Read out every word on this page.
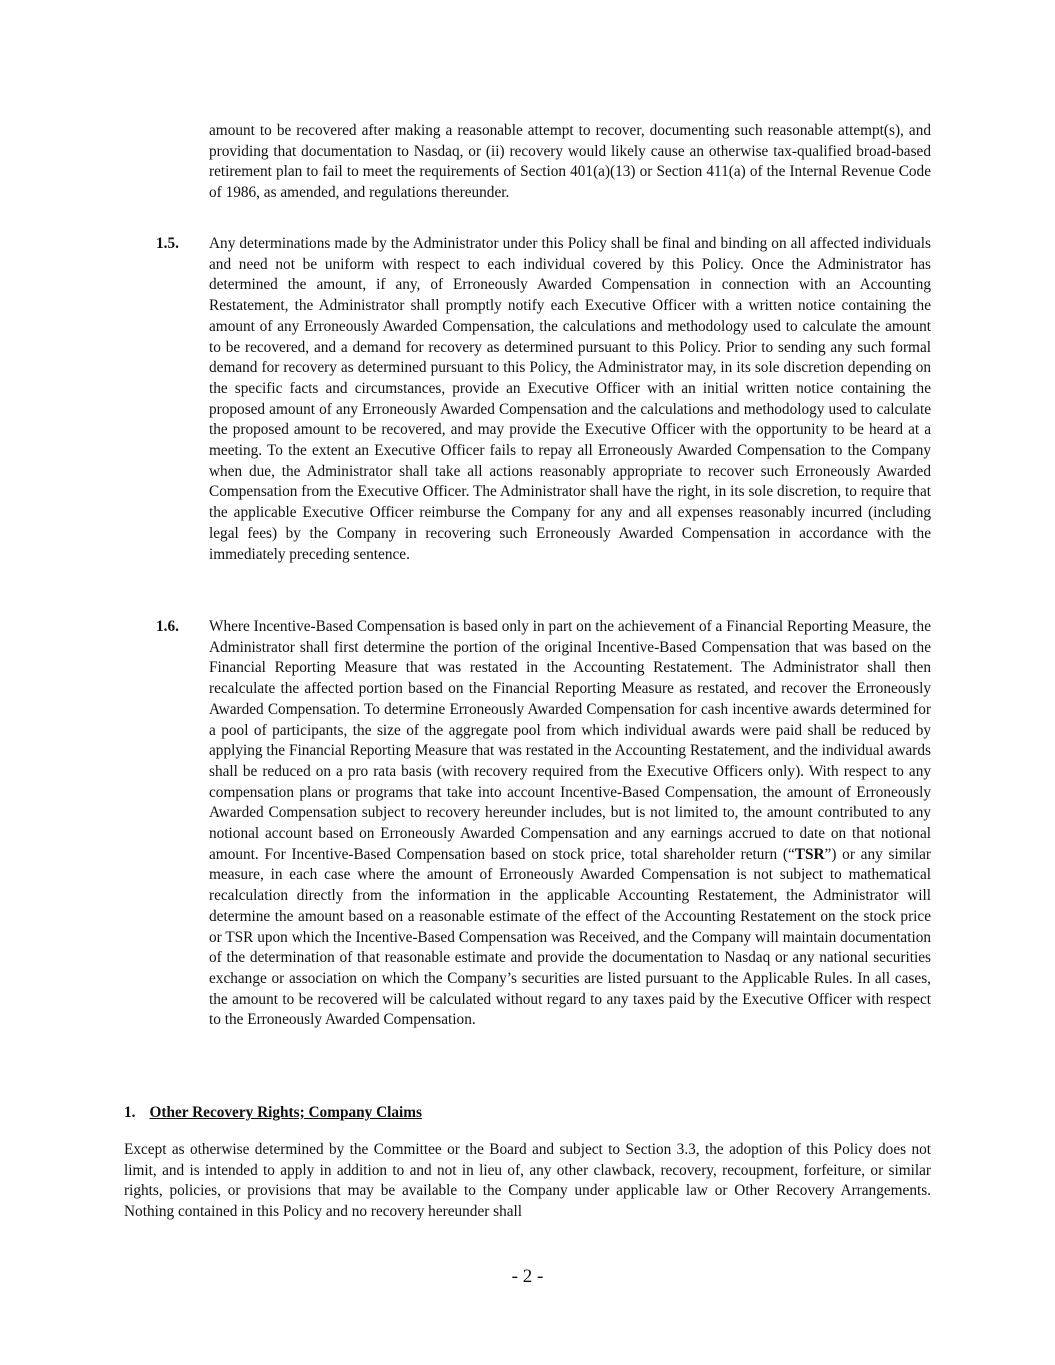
amount to be recovered after making a reasonable attempt to recover, documenting such reasonable attempt(s), and providing that documentation to Nasdaq, or (ii) recovery would likely cause an otherwise tax-qualified broad-based retirement plan to fail to meet the requirements of Section 401(a)(13) or Section 411(a) of the Internal Revenue Code of 1986, as amended, and regulations thereunder.

1.5. Any determinations made by the Administrator under this Policy shall be final and binding on all affected individuals and need not be uniform with respect to each individual covered by this Policy. Once the Administrator has determined the amount, if any, of Erroneously Awarded Compensation in connection with an Accounting Restatement, the Administrator shall promptly notify each Executive Officer with a written notice containing the amount of any Erroneously Awarded Compensation, the calculations and methodology used to calculate the amount to be recovered, and a demand for recovery as determined pursuant to this Policy. Prior to sending any such formal demand for recovery as determined pursuant to this Policy, the Administrator may, in its sole discretion depending on the specific facts and circumstances, provide an Executive Officer with an initial written notice containing the proposed amount of any Erroneously Awarded Compensation and the calculations and methodology used to calculate the proposed amount to be recovered, and may provide the Executive Officer with the opportunity to be heard at a meeting. To the extent an Executive Officer fails to repay all Erroneously Awarded Compensation to the Company when due, the Administrator shall take all actions reasonably appropriate to recover such Erroneously Awarded Compensation from the Executive Officer. The Administrator shall have the right, in its sole discretion, to require that the applicable Executive Officer reimburse the Company for any and all expenses reasonably incurred (including legal fees) by the Company in recovering such Erroneously Awarded Compensation in accordance with the immediately preceding sentence.

1.6. Where Incentive-Based Compensation is based only in part on the achievement of a Financial Reporting Measure, the Administrator shall first determine the portion of the original Incentive-Based Compensation that was based on the Financial Reporting Measure that was restated in the Accounting Restatement. The Administrator shall then recalculate the affected portion based on the Financial Reporting Measure as restated, and recover the Erroneously Awarded Compensation. To determine Erroneously Awarded Compensation for cash incentive awards determined for a pool of participants, the size of the aggregate pool from which individual awards were paid shall be reduced by applying the Financial Reporting Measure that was restated in the Accounting Restatement, and the individual awards shall be reduced on a pro rata basis (with recovery required from the Executive Officers only). With respect to any compensation plans or programs that take into account Incentive-Based Compensation, the amount of Erroneously Awarded Compensation subject to recovery hereunder includes, but is not limited to, the amount contributed to any notional account based on Erroneously Awarded Compensation and any earnings accrued to date on that notional amount. For Incentive-Based Compensation based on stock price, total shareholder return (“TSR”) or any similar measure, in each case where the amount of Erroneously Awarded Compensation is not subject to mathematical recalculation directly from the information in the applicable Accounting Restatement, the Administrator will determine the amount based on a reasonable estimate of the effect of the Accounting Restatement on the stock price or TSR upon which the Incentive-Based Compensation was Received, and the Company will maintain documentation of the determination of that reasonable estimate and provide the documentation to Nasdaq or any national securities exchange or association on which the Company’s securities are listed pursuant to the Applicable Rules. In all cases, the amount to be recovered will be calculated without regard to any taxes paid by the Executive Officer with respect to the Erroneously Awarded Compensation.

1. Other Recovery Rights; Company Claims

Except as otherwise determined by the Committee or the Board and subject to Section 3.3, the adoption of this Policy does not limit, and is intended to apply in addition to and not in lieu of, any other clawback, recovery, recoupment, forfeiture, or similar rights, policies, or provisions that may be available to the Company under applicable law or Other Recovery Arrangements. Nothing contained in this Policy and no recovery hereunder shall

- 2 -
